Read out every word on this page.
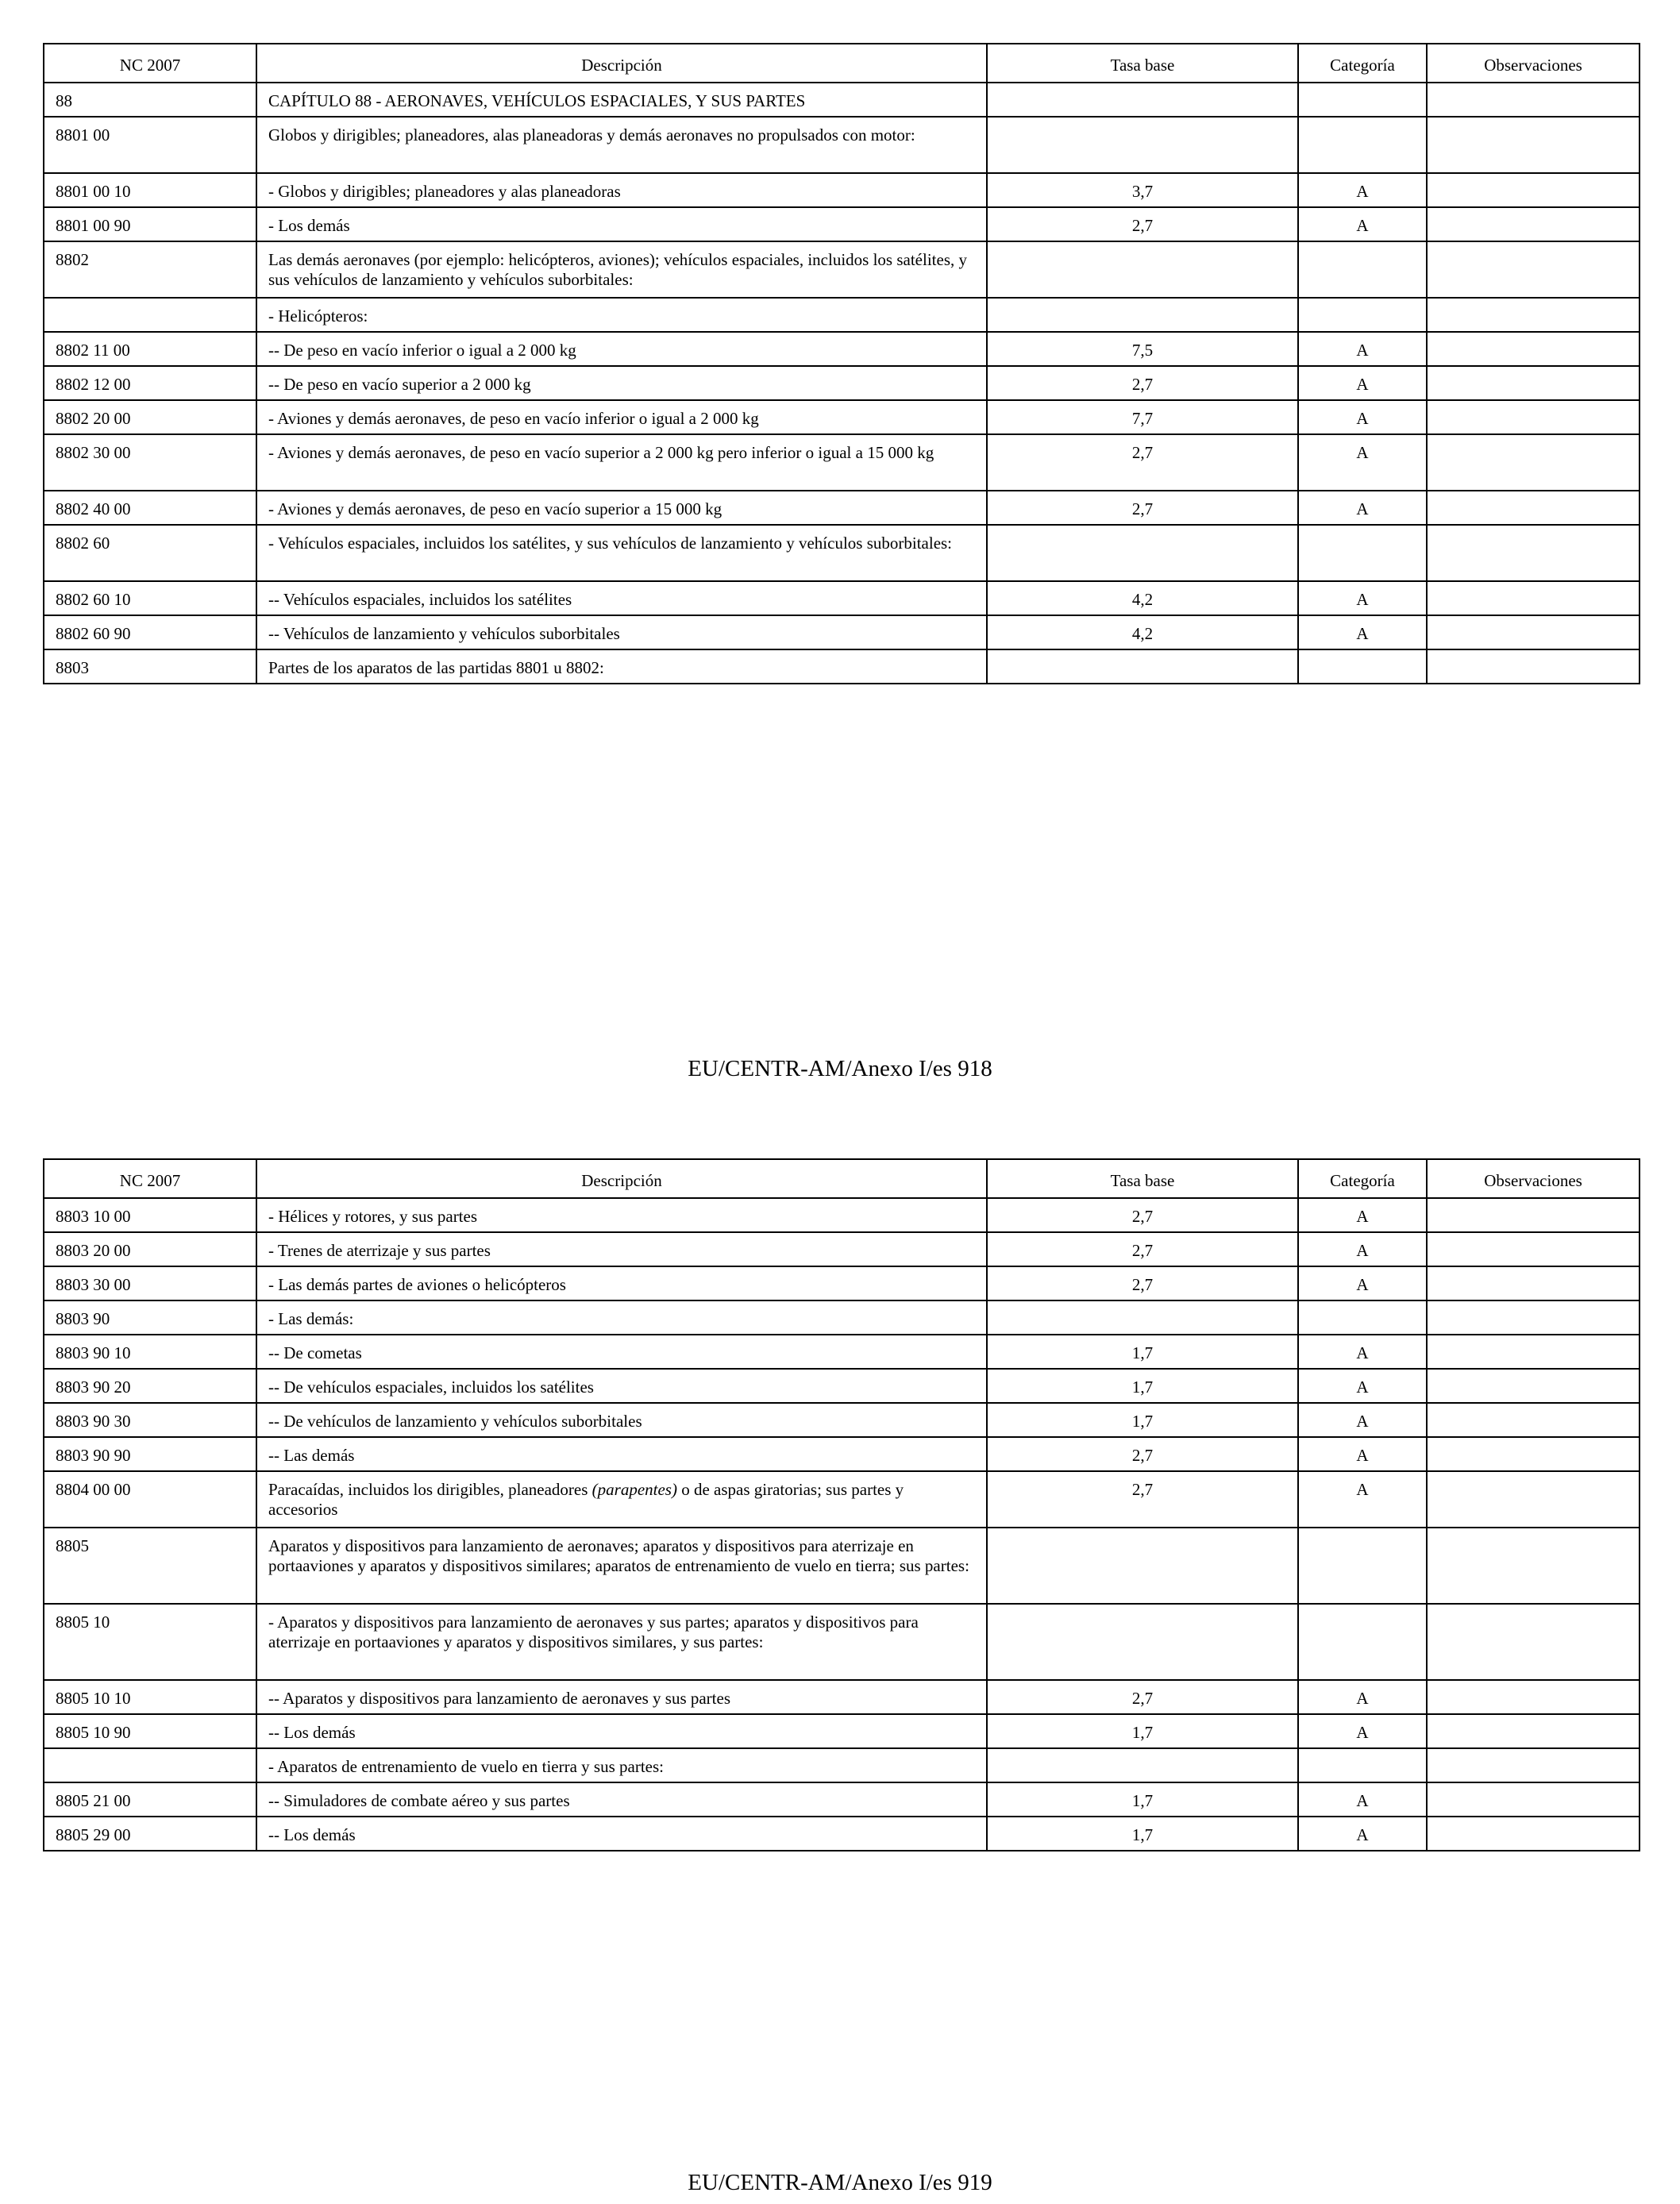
NC 2007	Descripción	Tasa base	Categoría	Observaciones
88	CAPÍTULO 88 - AERONAVES, VEHÍCULOS ESPACIALES, Y SUS PARTES			
8801 00	Globos y dirigibles; planeadores, alas planeadoras y demás aeronaves no propulsados con motor:			
8801 00 10	- Globos y dirigibles; planeadores y alas planeadoras	3,7	A	
8801 00 90	- Los demás	2,7	A	
8802	Las demás aeronaves (por ejemplo: helicópteros, aviones); vehículos espaciales, incluidos los satélites, y sus vehículos de lanzamiento y vehículos suborbitales:			
	- Helicópteros:			
8802 11 00	-- De peso en vacío inferior o igual a 2 000 kg	7,5	A	
8802 12 00	-- De peso en vacío superior a 2 000 kg	2,7	A	
8802 20 00	- Aviones y demás aeronaves, de peso en vacío inferior o igual a 2 000 kg	7,7	A	
8802 30 00	- Aviones y demás aeronaves, de peso en vacío superior a 2 000 kg pero inferior o igual a 15 000 kg	2,7	A	
8802 40 00	- Aviones y demás aeronaves, de peso en vacío superior a 15 000 kg	2,7	A	
8802 60	- Vehículos espaciales, incluidos los satélites, y sus vehículos de lanzamiento y vehículos suborbitales:			
8802 60 10	-- Vehículos espaciales, incluidos los satélites	4,2	A	
8802 60 90	-- Vehículos de lanzamiento y vehículos suborbitales	4,2	A	
8803	Partes de los aparatos de las partidas 8801 u 8802:			
EU/CENTR-AM/Anexo I/es 918
NC 2007	Descripción	Tasa base	Categoría	Observaciones
8803 10 00	- Hélices y rotores, y sus partes	2,7	A	
8803 20 00	- Trenes de aterrizaje y sus partes	2,7	A	
8803 30 00	- Las demás partes de aviones o helicópteros	2,7	A	
8803 90	- Las demás:			
8803 90 10	-- De cometas	1,7	A	
8803 90 20	-- De vehículos espaciales, incluidos los satélites	1,7	A	
8803 90 30	-- De vehículos de lanzamiento y vehículos suborbitales	1,7	A	
8803 90 90	-- Las demás	2,7	A	
8804 00 00	Paracaídas, incluidos los dirigibles, planeadores (parapentes) o de aspas giratorias; sus partes y accesorios	2,7	A	
8805	Aparatos y dispositivos para lanzamiento de aeronaves; aparatos y dispositivos para aterrizaje en portaaviones y aparatos y dispositivos similares; aparatos de entrenamiento de vuelo en tierra; sus partes:			
8805 10	- Aparatos y dispositivos para lanzamiento de aeronaves y sus partes; aparatos y dispositivos para aterrizaje en portaaviones y aparatos y dispositivos similares, y sus partes:			
8805 10 10	-- Aparatos y dispositivos para lanzamiento de aeronaves y sus partes	2,7	A	
8805 10 90	-- Los demás	1,7	A	
	- Aparatos de entrenamiento de vuelo en tierra y sus partes:			
8805 21 00	-- Simuladores de combate aéreo y sus partes	1,7	A	
8805 29 00	-- Los demás	1,7	A	
EU/CENTR-AM/Anexo I/es 919
